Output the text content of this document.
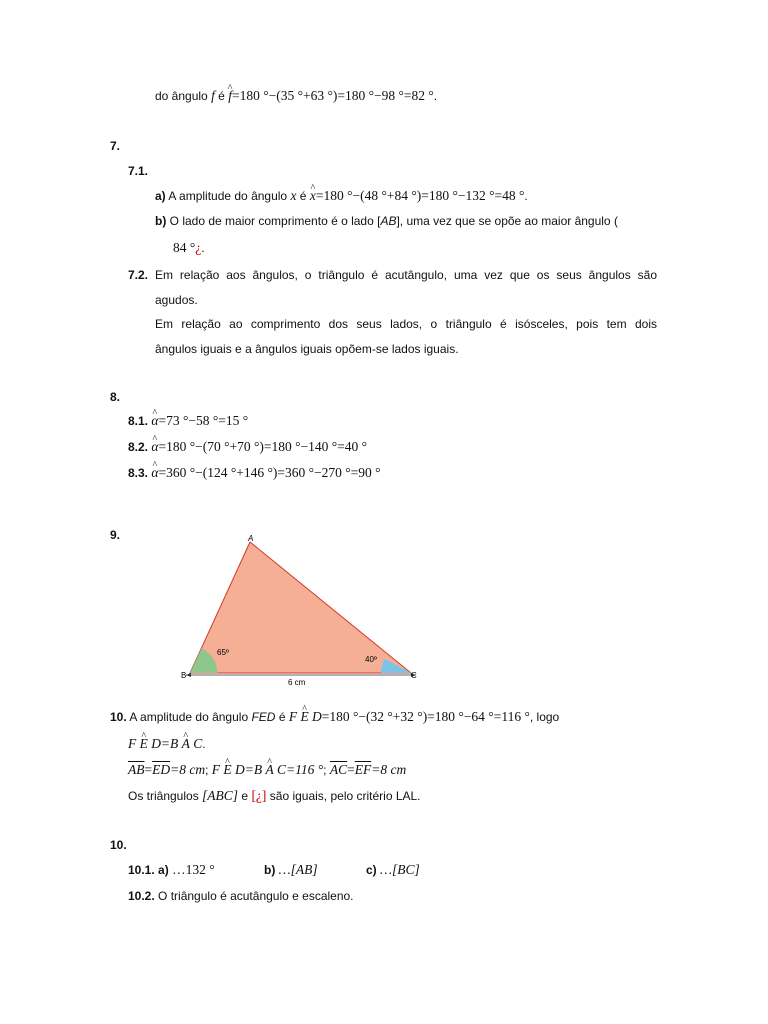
do ângulo f é ^ f=180 °−(35 °+63 °)=180 °−98 °=82 °.
7.
7.1.
a) A amplitude do ângulo x é ^ x=180 °−(48 °+84 °)=180 °−132 °=48 °.
b) O lado de maior comprimento é o lado [AB], uma vez que se opõe ao maior ângulo (
84 °¿.
7.2. Em relação aos ângulos, o triângulo é acutângulo, uma vez que os seus ângulos são
agudos.
Em relação ao comprimento dos seus lados, o triângulo é isósceles, pois tem dois
ângulos iguais e a ângulos iguais opõem-se lados iguais.
8.
8.1. ^ α=73 °−58 °=15 °
8.2. ^ α=180 °−(70 °+70 °)=180 °−140 °=40 °
8.3. ^ α=360 °−(124 °+146 °)=360 °−270 °=90 °
9.	A
B	C
65º
40º
6 cm
10. A amplitude do ângulo FED é F ^ E D=180 °−(32 °+32 °)=180 °−64 °=116 °, logo
F ^ E D=B ^ A C.
$\overline{AB}=\overline{ED}=8$ cm; F ^ E D=B ^ A C=116 °; $\overline{AC}=\overline{EF}=8$ cm
Os triângulos [ABC] e [¿] são iguais, pelo critério LAL.
10.
10.1. a) …132 °	b) …[AB]	c) …[BC]
10.2. O triângulo é acutângulo e escaleno.
